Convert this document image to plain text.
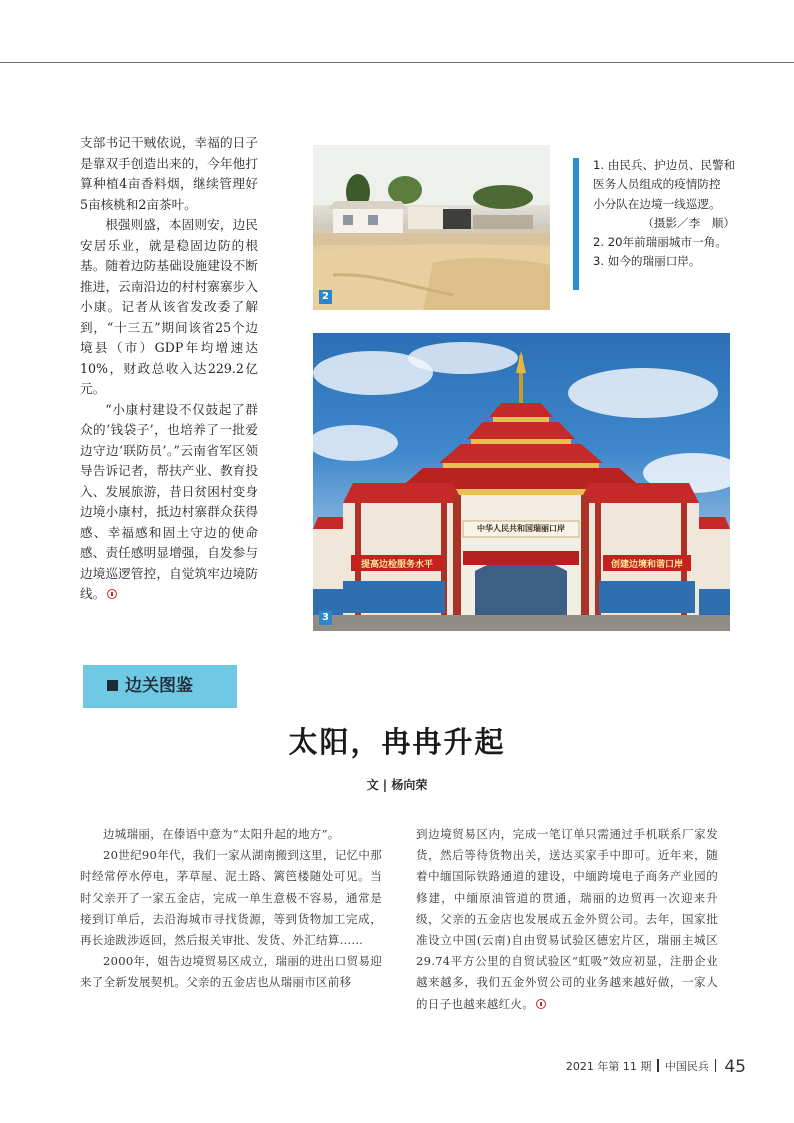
支部书记干贼依说，幸福的日子是靠双手创造出来的，今年他打算种植4亩香料烟，继续管理好5亩核桃和2亩茶叶。

根强则盛，本固则安，边民安居乐业，就是稳固边防的根基。随着边防基础设施建设不断推进，云南沿边的村村寨寨步入小康。记者从该省发改委了解到，“十三五”期间该省25个边境县（市）GDP年均增速达10%，财政总收入达229.2亿元。

“小康村建设不仅鼓起了群众的‘钱袋子’，也培养了一批爱边守边‘联防员’。”云南省军区领导告诉记者，帮扶产业、教育投入、发展旅游，昔日贫困村变身边境小康村，抵边村寨群众获得感、幸福感和固土守边的使命感、责任感明显增强，自发参与边境巡逻管控，自觉筑牢边境防线。

2
1. 由民兵、护边员、民警和
医务人员组成的疫情防控
小分队在边境一线巡逻。
（摄影／李　顺）
2. 20年前瑞丽城市一角。
3. 如今的瑞丽口岸。
中华人民共和国瑞丽口岸
提高边检服务水平	创建边境和谐口岸
3
边关图鉴
太阳，冉冉升起
文 | 杨向荣

边城瑞丽，在傣语中意为“太阳升起的地方”。

20世纪90年代，我们一家从湖南搬到这里，记忆中那时经常停水停电，茅草屋、泥土路、篱笆楼随处可见。当时父亲开了一家五金店，完成一单生意极不容易，通常是接到订单后，去沿海城市寻找货源，等到货物加工完成，再长途跋涉返回，然后报关审批、发货、外汇结算……

2000年，姐告边境贸易区成立，瑞丽的进出口贸易迎来了全新发展契机。父亲的五金店也从瑞丽市区前移

到边境贸易区内，完成一笔订单只需通过手机联系厂家发货，然后等待货物出关，送达买家手中即可。近年来，随着中缅国际铁路通道的建设，中缅跨境电子商务产业园的修建，中缅原油管道的贯通，瑞丽的边贸再一次迎来升级，父亲的五金店也发展成五金外贸公司。去年，国家批准设立中国(云南)自由贸易试验区德宏片区，瑞丽主城区29.74平方公里的自贸试验区“虹吸”效应初显，注册企业越来越多，我们五金外贸公司的业务越来越好做，一家人的日子也越来越红火。

2021 年第 11 期 中国民兵 45
